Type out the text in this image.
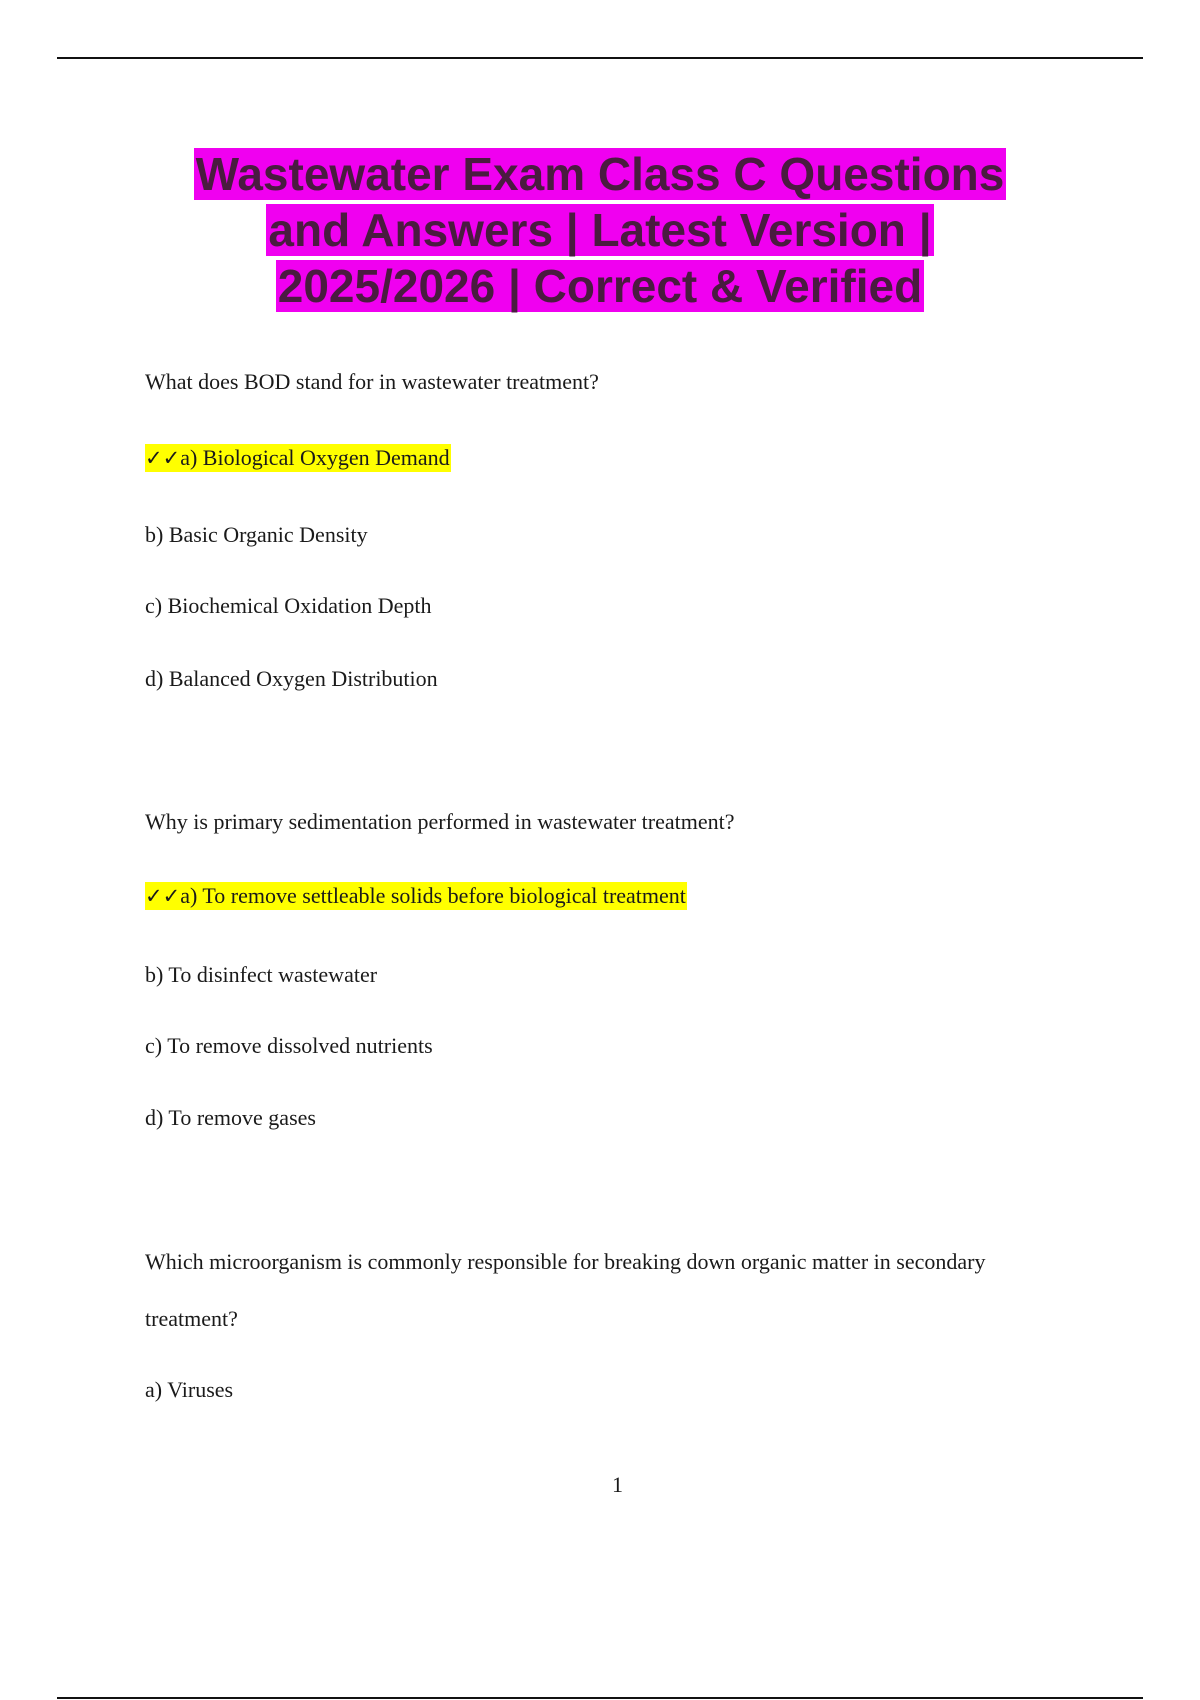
Wastewater Exam Class C Questions
and Answers | Latest Version |
2025/2026 | Correct & Verified
What does BOD stand for in wastewater treatment?
✓✓a) Biological Oxygen Demand
b) Basic Organic Density
c) Biochemical Oxidation Depth
d) Balanced Oxygen Distribution
Why is primary sedimentation performed in wastewater treatment?
✓✓a) To remove settleable solids before biological treatment
b) To disinfect wastewater
c) To remove dissolved nutrients
d) To remove gases
Which microorganism is commonly responsible for breaking down organic matter in secondary
treatment?
a) Viruses
1
